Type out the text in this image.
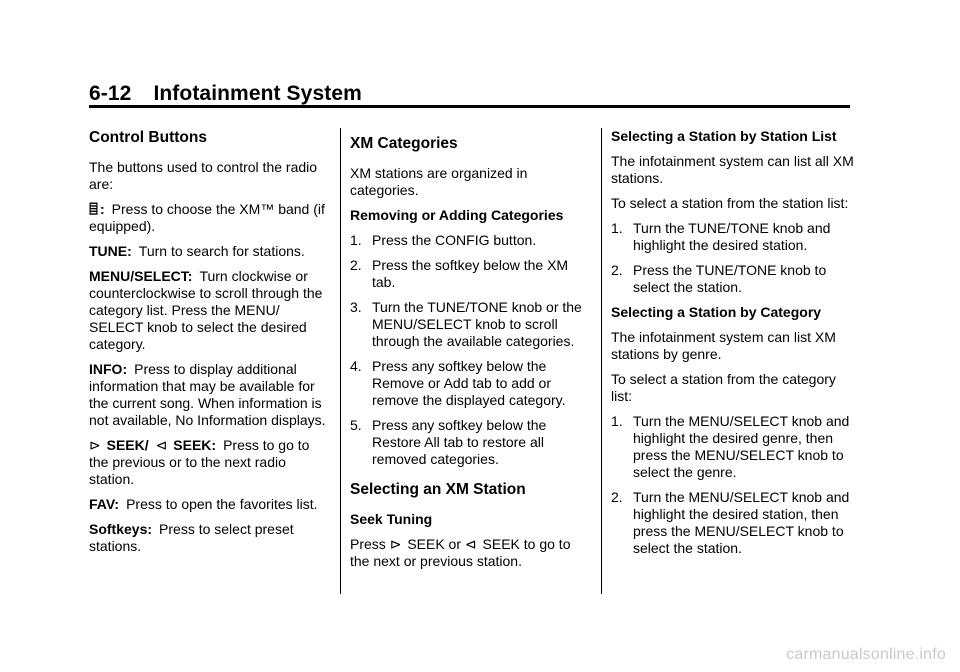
6-12 Infotainment System
Control Buttons

The buttons used to control the radio are:

: Press to choose the XM™ band (if equipped).

TUNE: Turn to search for stations.

MENU/SELECT: Turn clockwise or counterclockwise to scroll through the category list. Press the MENU/ SELECT knob to select the desired category.

INFO: Press to display additional information that may be available for the current song. When information is not available, No Information displays.

⊳ SEEK/ ⊲ SEEK: Press to go to the previous or to the next radio station.

FAV: Press to open the favorites list.

Softkeys: Press to select preset stations.

XM Categories

XM stations are organized in categories.

Removing or Adding Categories
1. Press the CONFIG button.
2. Press the softkey below the XM tab.
3. Turn the TUNE/TONE knob or the MENU/SELECT knob to scroll through the available categories.
4. Press any softkey below the Remove or Add tab to add or remove the displayed category.
5. Press any softkey below the Restore All tab to restore all removed categories.
Selecting an XM Station
Seek Tuning

Press ⊳ SEEK or ⊲ SEEK to go to the next or previous station.

Selecting a Station by Station List

The infotainment system can list all XM stations.

To select a station from the station list:

1. Turn the TUNE/TONE knob and highlight the desired station.
2. Press the TUNE/TONE knob to select the station.
Selecting a Station by Category

The infotainment system can list XM stations by genre.

To select a station from the category list:

1. Turn the MENU/SELECT knob and highlight the desired genre, then press the MENU/SELECT knob to select the genre.
2. Turn the MENU/SELECT knob and highlight the desired station, then press the MENU/SELECT knob to select the station.
carmanualsonline.info
